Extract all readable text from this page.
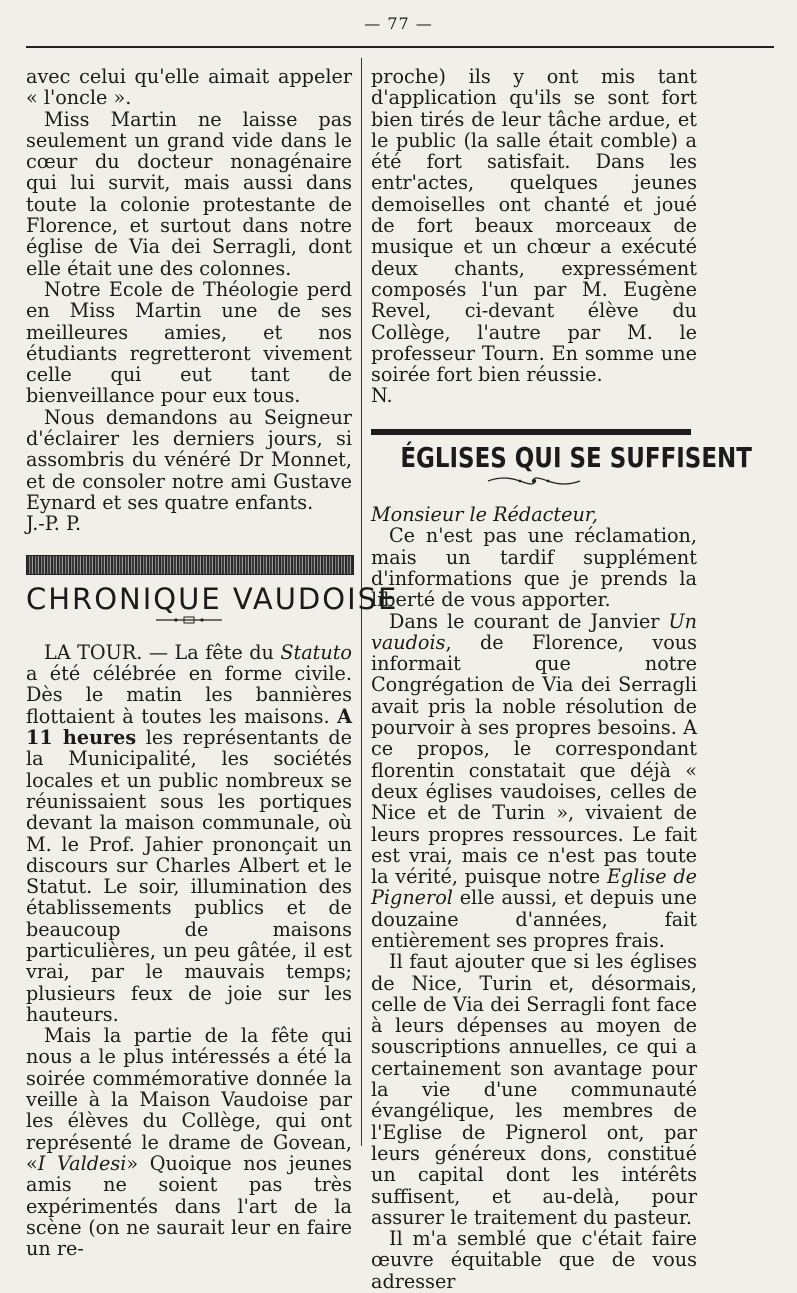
— 77 —

avec celui qu'elle aimait appeler « l'oncle ».

Miss Martin ne laisse pas seulement un grand vide dans le cœur du docteur nonagénaire qui lui survit, mais aussi dans toute la colonie protestante de Florence, et surtout dans notre église de Via dei Serragli, dont elle était une des colonnes.

Notre Ecole de Théologie perd en Miss Martin une de ses meilleures amies, et nos étudiants regretteront vivement celle qui eut tant de bienveillance pour eux tous.

Nous demandons au Seigneur d'éclairer les derniers jours, si assombris du vénéré Dr Monnet, et de consoler notre ami Gustave Eynard et ses quatre enfants.

J.-P. P.

CHRONIQUE VAUDOISE

LA TOUR. — La fête du Statuto a été célébrée en forme civile. Dès le matin les bannières flottaient à toutes les maisons. A 11 heures les représentants de la Municipalité, les sociétés locales et un public nombreux se réunissaient sous les portiques devant la maison communale, où M. le Prof. Jahier prononçait un discours sur Charles Albert et le Statut. Le soir, illumination des établissements publics et de beaucoup de maisons particulières, un peu gâtée, il est vrai, par le mauvais temps; plusieurs feux de joie sur les hauteurs.

Mais la partie de la fête qui nous a le plus intéressés a été la soirée commémorative donnée la veille à la Maison Vaudoise par les élèves du Collège, qui ont représenté le drame de Govean, «I Valdesi» Quoique nos jeunes amis ne soient pas très expérimentés dans l'art de la scène (on ne saurait leur en faire un re-

proche) ils y ont mis tant d'application qu'ils se sont fort bien tirés de leur tâche ardue, et le public (la salle était comble) a été fort satisfait. Dans les entr'actes, quelques jeunes demoiselles ont chanté et joué de fort beaux morceaux de musique et un chœur a exécuté deux chants, expressément composés l'un par M. Eugène Revel, ci-devant élève du Collège, l'autre par M. le professeur Tourn. En somme une soirée fort bien réussie.

N.

ÉGLISES QUI SE SUFFISENT

Monsieur le Rédacteur,

Ce n'est pas une réclamation, mais un tardif supplément d'informations que je prends la liberté de vous apporter.

Dans le courant de Janvier Un vaudois, de Florence, vous informait que notre Congrégation de Via dei Serragli avait pris la noble résolution de pourvoir à ses propres besoins. A ce propos, le correspondant florentin constatait que déjà « deux églises vaudoises, celles de Nice et de Turin », vivaient de leurs propres ressources. Le fait est vrai, mais ce n'est pas toute la vérité, puisque notre Eglise de Pignerol elle aussi, et depuis une douzaine d'années, fait entièrement ses propres frais.

Il faut ajouter que si les églises de Nice, Turin et, désormais, celle de Via dei Serragli font face à leurs dépenses au moyen de souscriptions annuelles, ce qui a certainement son avantage pour la vie d'une communauté évangélique, les membres de l'Eglise de Pignerol ont, par leurs généreux dons, constitué un capital dont les intérêts suffisent, et au-delà, pour assurer le traitement du pasteur.

Il m'a semblé que c'était faire œuvre équitable que de vous adresser
